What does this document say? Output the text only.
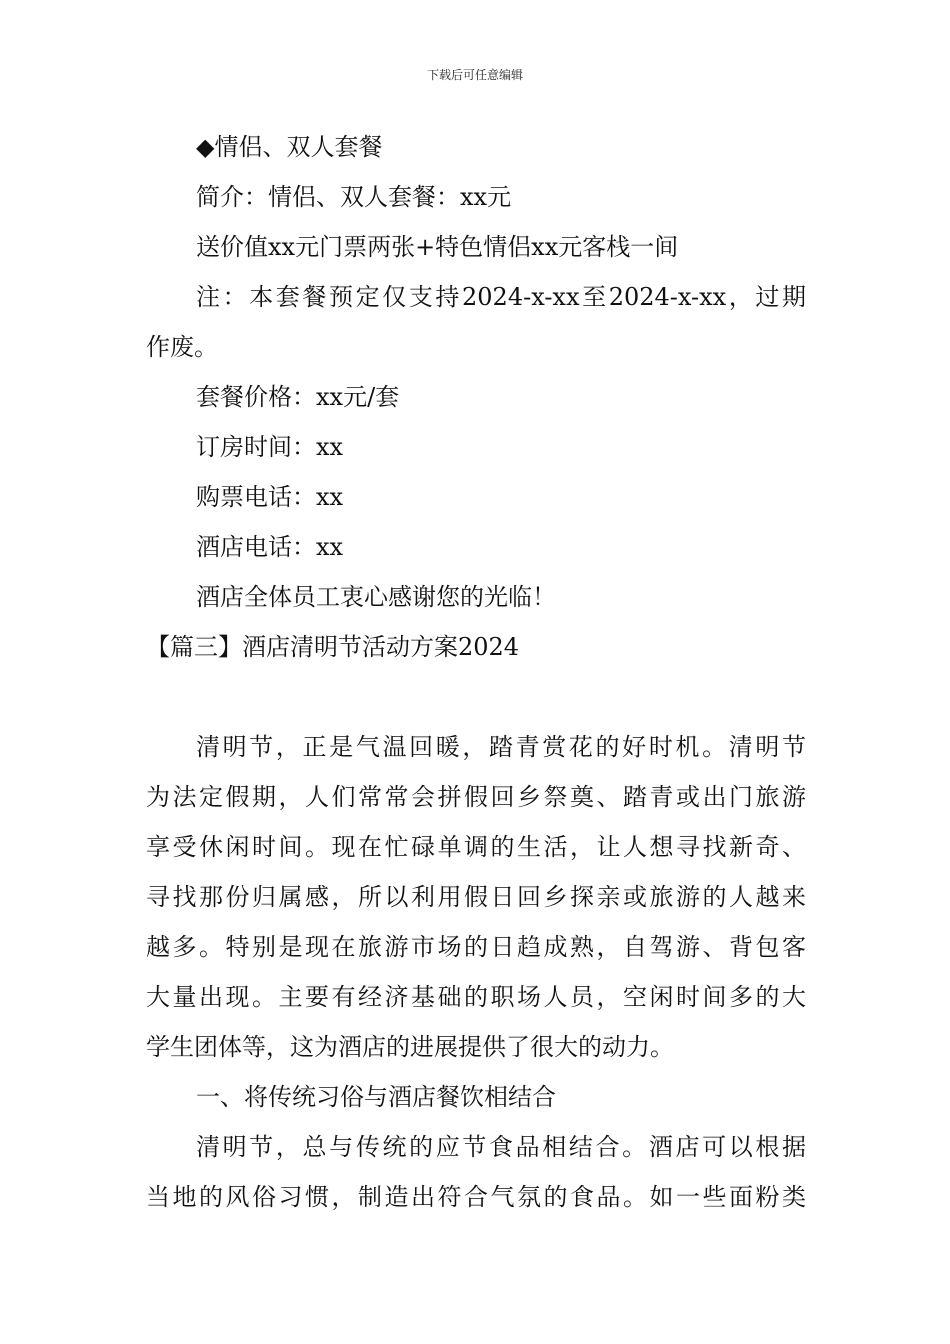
下载后可任意编辑
◆情侣、双人套餐
简介：情侣、双人套餐：xx元
送价值xx元门票两张+特色情侣xx元客栈一间
注：本套餐预定仅支持2024-x-xx至2024-x-xx，过期
作废。
套餐价格：xx元/套
订房时间：xx
购票电话：xx
酒店电话：xx
酒店全体员工衷心感谢您的光临！
【篇三】酒店清明节活动方案2024
清明节，正是气温回暖，踏青赏花的好时机。清明节
为法定假期，人们常常会拼假回乡祭奠、踏青或出门旅游
享受休闲时间。现在忙碌单调的生活，让人想寻找新奇、
寻找那份归属感，所以利用假日回乡探亲或旅游的人越来
越多。特别是现在旅游市场的日趋成熟，自驾游、背包客
大量出现。主要有经济基础的职场人员，空闲时间多的大
学生团体等，这为酒店的进展提供了很大的动力。
一、将传统习俗与酒店餐饮相结合
清明节，总与传统的应节食品相结合。酒店可以根据
当地的风俗习惯，制造出符合气氛的食品。如一些面粉类
